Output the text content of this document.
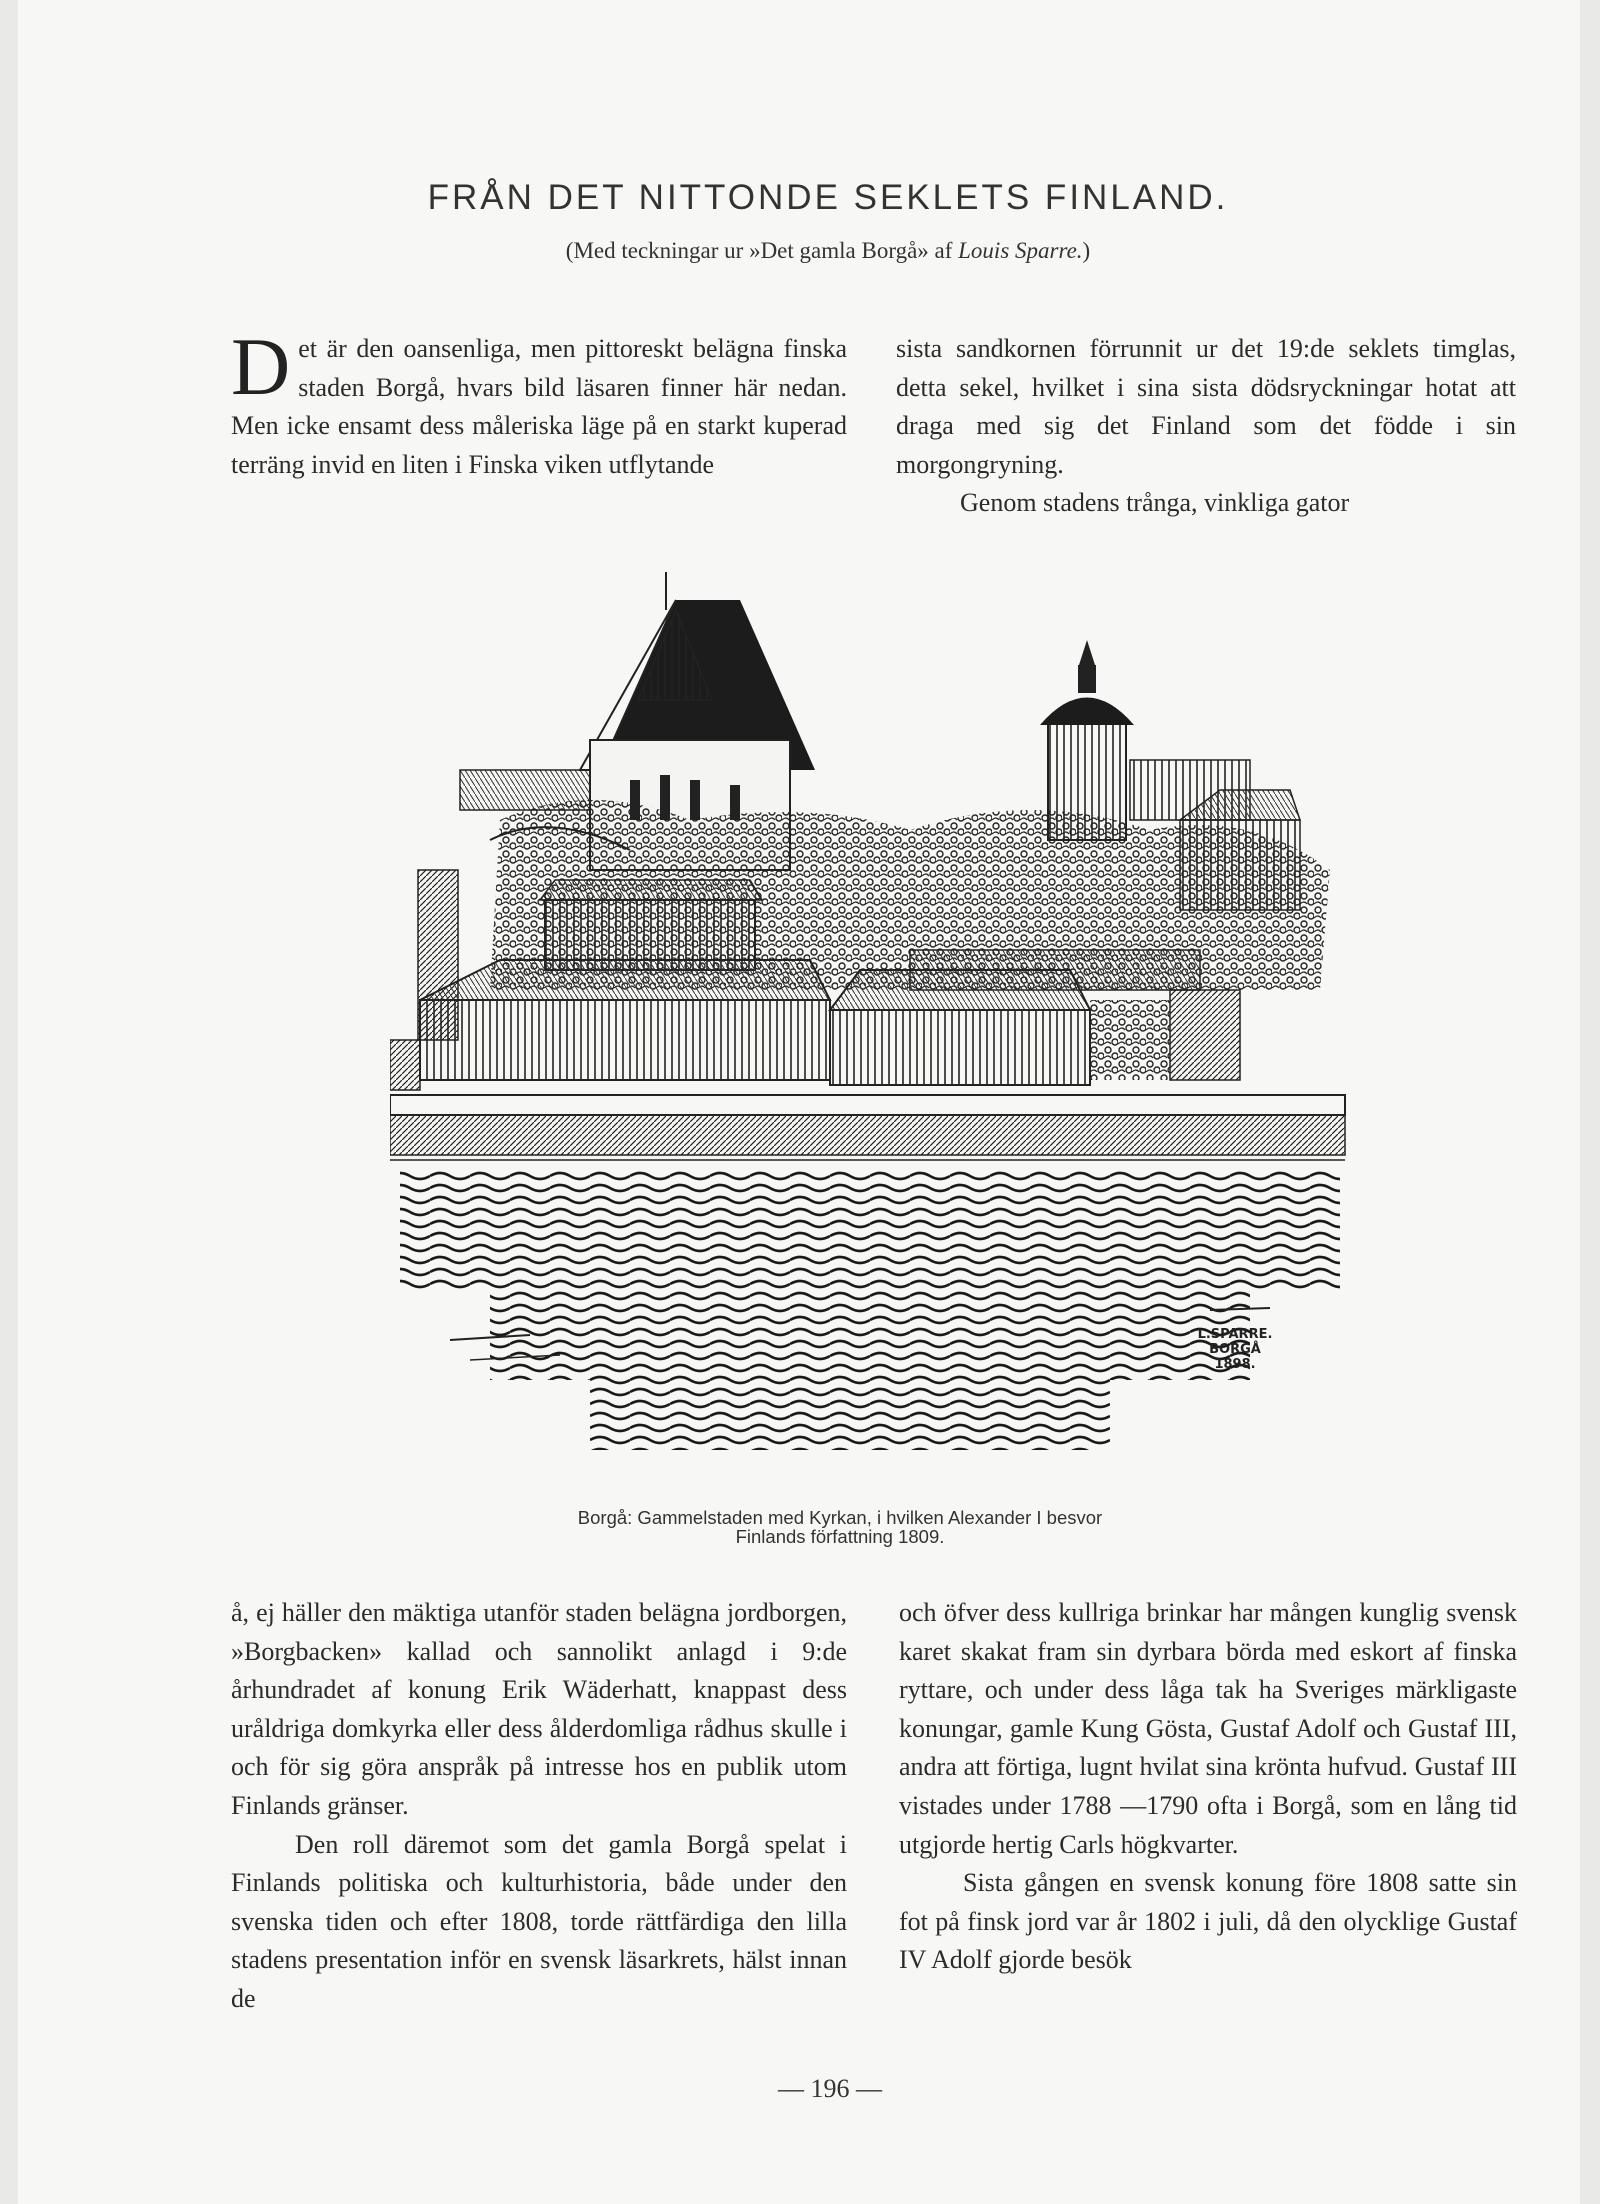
FRÅN DET NITTONDE SEKLETS FINLAND.
(Med teckningar ur »Det gamla Borgå» af Louis Sparre.)

Det är den oansenliga, men pittoreskt belägna finska staden Borgå, hvars bild läsaren finner här nedan. Men icke ensamt dess måleriska läge på en starkt kuperad terräng invid en liten i Finska viken utflytande

sista sandkornen förrunnit ur det 19:de seklets timglas, detta sekel, hvilket i sina sista dödsryckningar hotat att draga med sig det Finland som det födde i sin morgongryning.

Genom stadens trånga, vinkliga gator

L.SPARRE.
BORGÅ
1898.
Borgå: Gammelstaden med Kyrkan, i hvilken Alexander I besvor
Finlands författning 1809.

å, ej häller den mäktiga utanför staden belägna jordborgen, »Borgbacken» kallad och sannolikt anlagd i 9:de århundradet af konung Erik Wäderhatt, knappast dess uråldriga domkyrka eller dess ålderdomliga rådhus skulle i och för sig göra anspråk på intresse hos en publik utom Finlands gränser.

Den roll däremot som det gamla Borgå spelat i Finlands politiska och kulturhistoria, både under den svenska tiden och efter 1808, torde rättfärdiga den lilla stadens presentation inför en svensk läsarkrets, hälst innan de

och öfver dess kullriga brinkar har mången kunglig svensk karet skakat fram sin dyrbara börda med eskort af finska ryttare, och under dess låga tak ha Sveriges märkligaste konungar, gamle Kung Gösta, Gustaf Adolf och Gustaf III, andra att förtiga, lugnt hvilat sina krönta hufvud. Gustaf III vistades under 1788 —1790 ofta i Borgå, som en lång tid utgjorde hertig Carls högkvarter.

Sista gången en svensk konung före 1808 satte sin fot på finsk jord var år 1802 i juli, då den olycklige Gustaf IV Adolf gjorde besök

— 196 —
